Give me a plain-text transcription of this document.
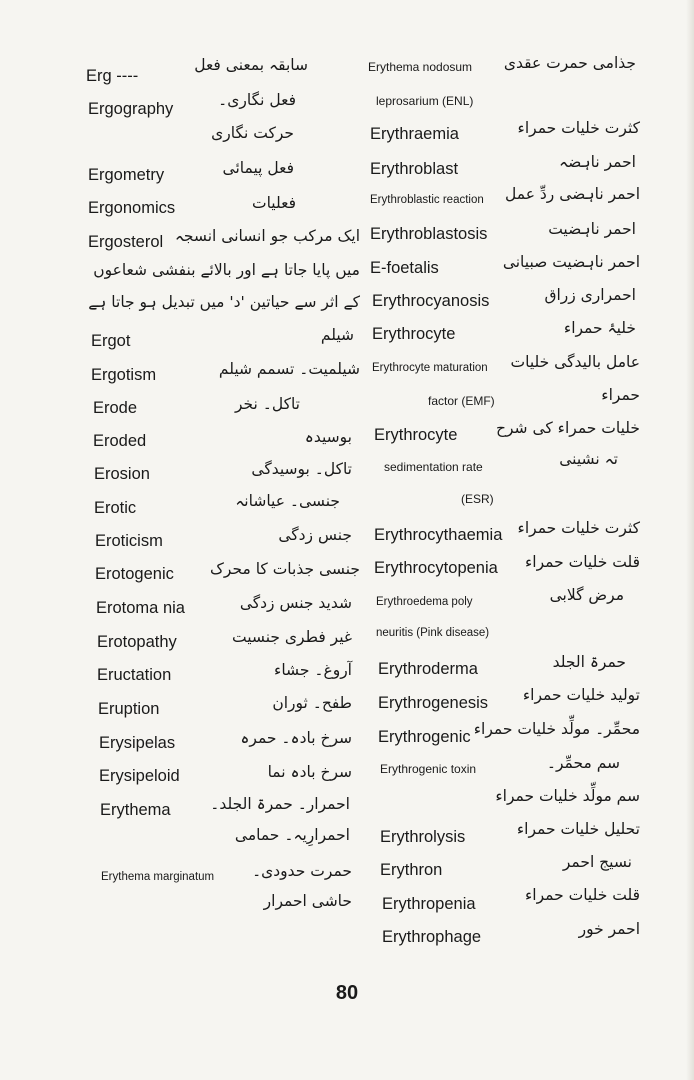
Erg ----
Ergography
Ergometry
Ergonomics
Ergosterol
Ergot
Ergotism
Erode
Eroded
Erosion
Erotic
Eroticism
Erotogenic
Erotoma nia
Erotopathy
Eructation
Eruption
Erysipelas
Erysipeloid
Erythema
Erythema marginatum
سابقہ بمعنی فعل
فعل نگاری۔
حرکت نگاری
فعل پیمائی
فعلیات
ایک مرکب جو انسانی انسجہ
میں پایا جاتا ہے اور بالائے بنفشی شعاعوں
کے اثر سے حیاتین 'د' میں تبدیل ہو جاتا ہے
شیلم
شیلمیت۔ تسمم شیلم
تاکل۔ نخر
بوسیدہ
تاکل۔ بوسیدگی
جنسی۔ عیاشانہ
جنس زدگی
جنسی جذبات کا محرک
شدید جنس زدگی
غیر فطری جنسیت
آروغ۔ جشاء
طفح۔ ثوران
سرخ بادہ۔ حمرہ
سرخ بادہ نما
احمرار۔ حمرۃ الجلد۔
احمرارِیہ۔ حمامی
حمرت حدودی۔
حاشی احمرار
Erythema nodosum
leprosarium (ENL)
Erythraemia
Erythroblast
Erythroblastic reaction
Erythroblastosis
E-foetalis
Erythrocyanosis
Erythrocyte
Erythrocyte maturation
factor (EMF)
Erythrocyte
sedimentation rate
(ESR)
Erythrocythaemia
Erythrocytopenia
Erythroedema poly
neuritis (Pink disease)
Erythroderma
Erythrogenesis
Erythrogenic
Erythrogenic toxin
Erythrolysis
Erythron
Erythropenia
Erythrophage
جذامی حمرت عقدی
کثرت خلیات حمراء
احمر ناہضہ
احمر ناہضی ردِّ عمل
احمر ناہضیت
احمر ناہضیت صبیانی
احمراری زراق
خلیۂ حمراء
عامل بالیدگی خلیات
حمراء
خلیات حمراء کی شرح
تہ نشینی
کثرت خلیات حمراء
قلت خلیات حمراء
مرض گلابی
حمرۃ الجلد
تولید خلیات حمراء
محمِّر۔ مولِّد خلیات حمراء
سم محمِّر۔
سم مولِّد خلیات حمراء
تحلیل خلیات حمراء
نسیج احمر
قلت خلیات حمراء
احمر خور
80
